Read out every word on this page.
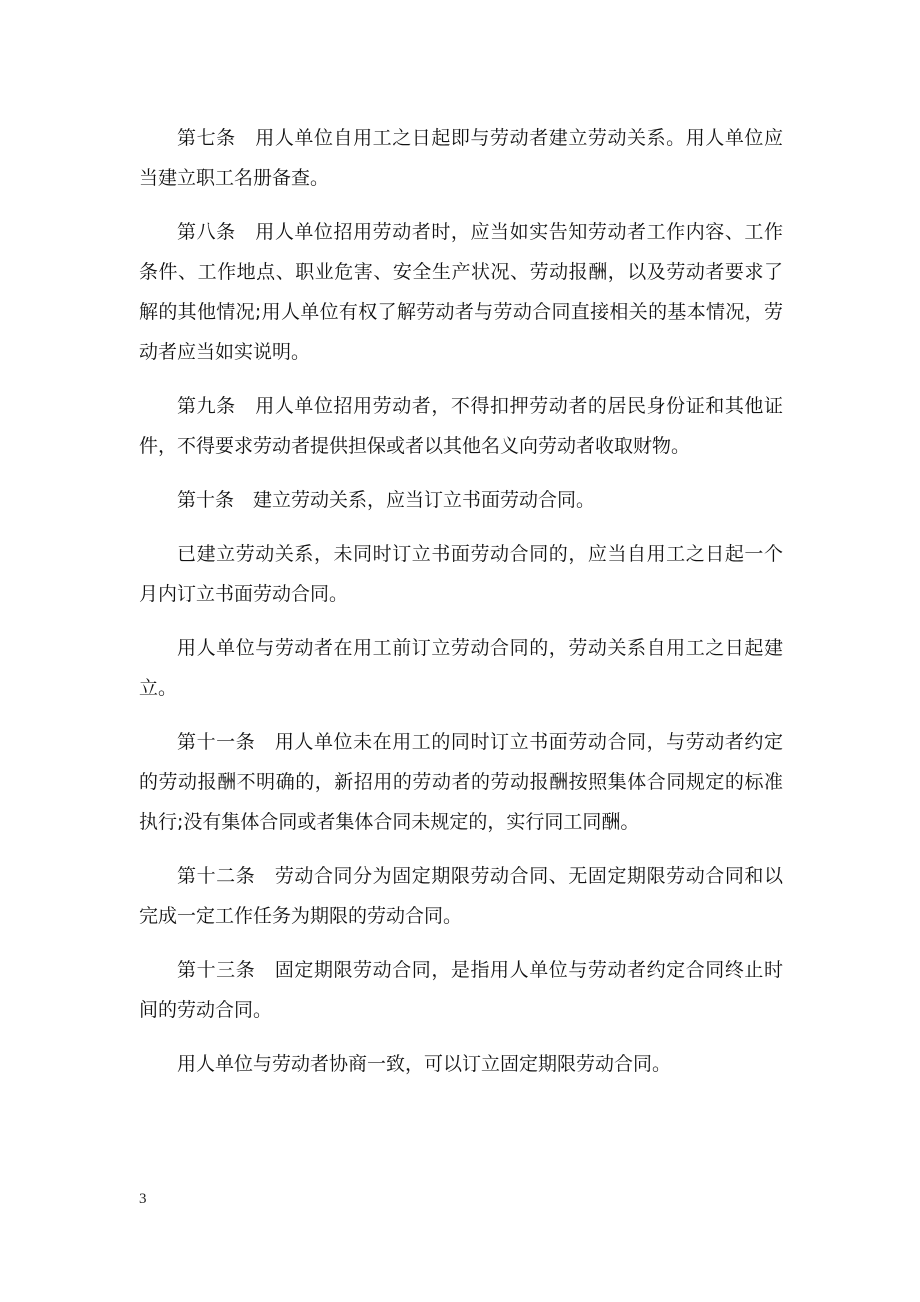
第七条　用人单位自用工之日起即与劳动者建立劳动关系。用人单位应当建立职工名册备查。

第八条　用人单位招用劳动者时，应当如实告知劳动者工作内容、工作条件、工作地点、职业危害、安全生产状况、劳动报酬，以及劳动者要求了解的其他情况;用人单位有权了解劳动者与劳动合同直接相关的基本情况，劳动者应当如实说明。

第九条　用人单位招用劳动者，不得扣押劳动者的居民身份证和其他证件，不得要求劳动者提供担保或者以其他名义向劳动者收取财物。

第十条　建立劳动关系，应当订立书面劳动合同。

已建立劳动关系，未同时订立书面劳动合同的，应当自用工之日起一个月内订立书面劳动合同。

用人单位与劳动者在用工前订立劳动合同的，劳动关系自用工之日起建立。

第十一条　用人单位未在用工的同时订立书面劳动合同，与劳动者约定的劳动报酬不明确的，新招用的劳动者的劳动报酬按照集体合同规定的标准执行;没有集体合同或者集体合同未规定的，实行同工同酬。

第十二条　劳动合同分为固定期限劳动合同、无固定期限劳动合同和以完成一定工作任务为期限的劳动合同。

第十三条　固定期限劳动合同，是指用人单位与劳动者约定合同终止时间的劳动合同。

用人单位与劳动者协商一致，可以订立固定期限劳动合同。

3
